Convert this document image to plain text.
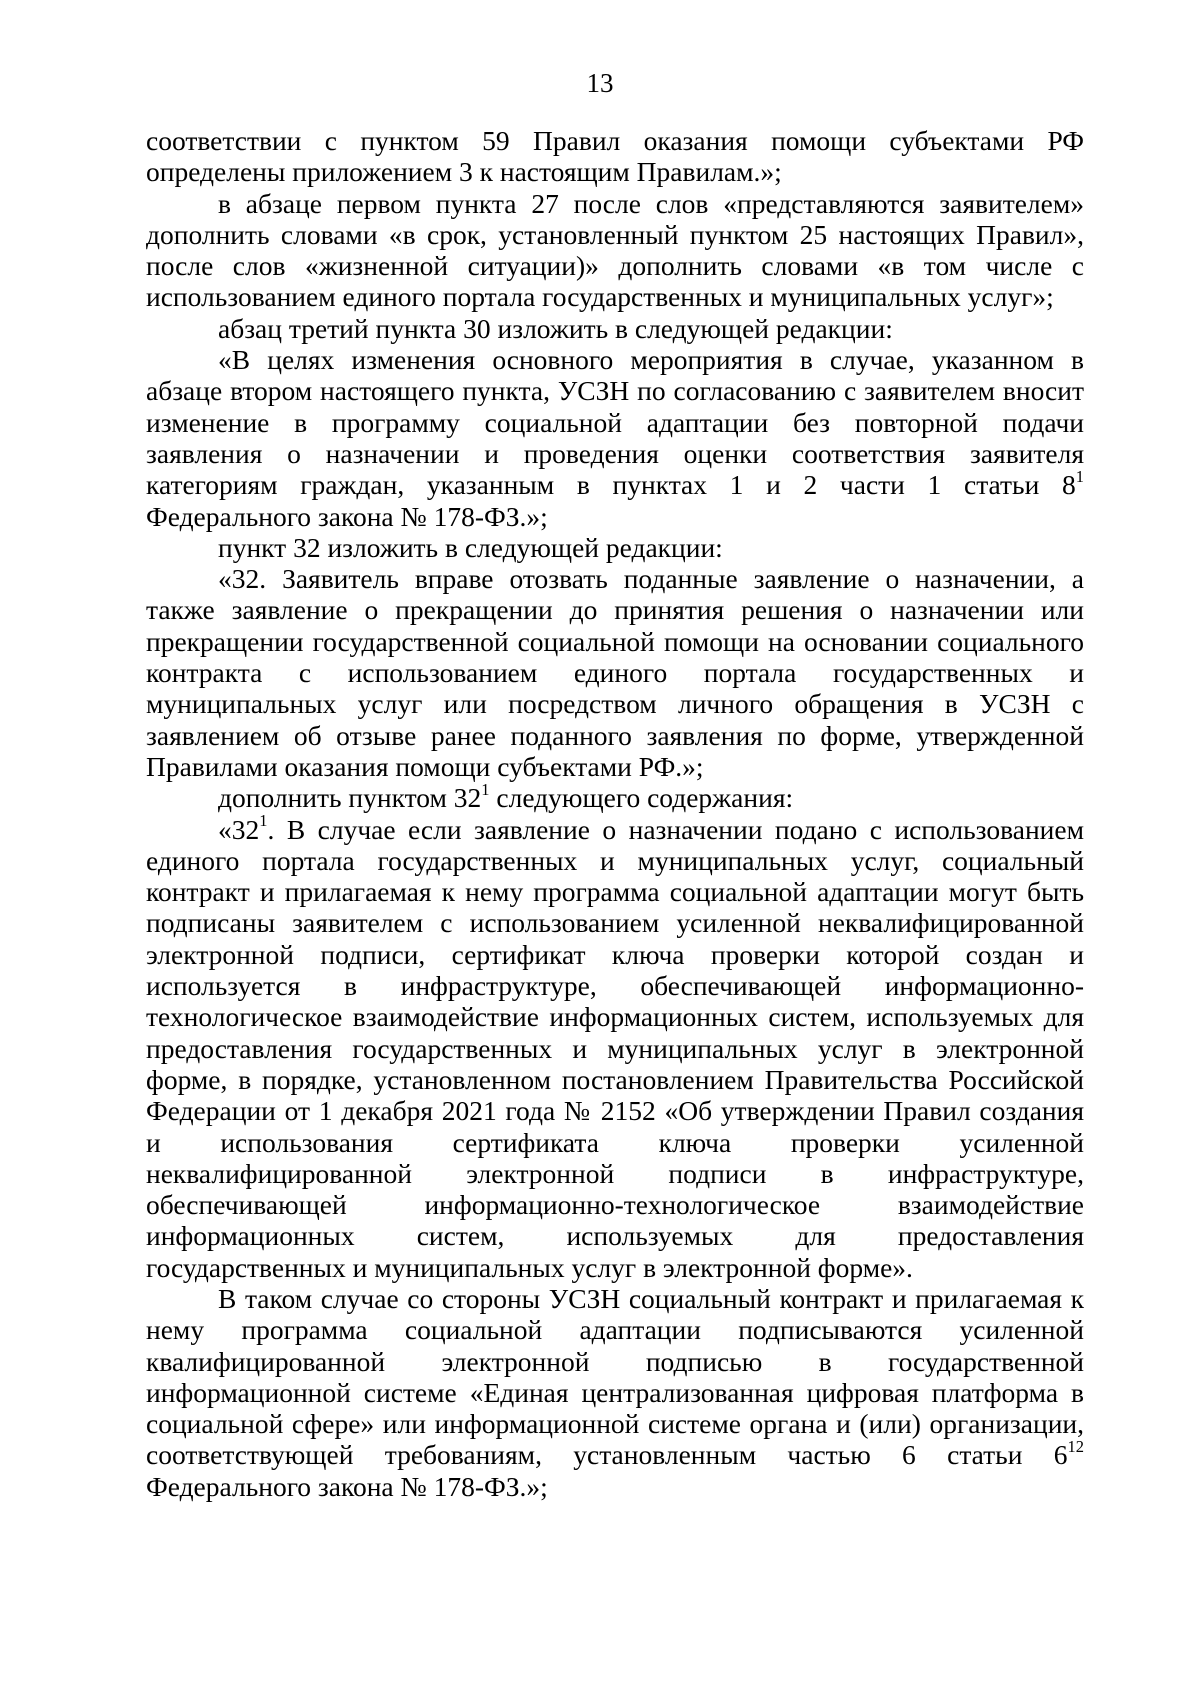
13
соответствии с пунктом 59 Правил оказания помощи субъектами РФ
определены приложением 3 к настоящим Правилам.»;
в абзаце первом пункта 27 после слов «представляются заявителем»
дополнить словами «в срок, установленный пунктом 25 настоящих Правил»,
после слов «жизненной ситуации)» дополнить словами «в том числе с
использованием единого портала государственных и муниципальных услуг»;
абзац третий пункта 30 изложить в следующей редакции:
«В целях изменения основного мероприятия в случае, указанном в
абзаце втором настоящего пункта, УСЗН по согласованию с заявителем вносит
изменение в программу социальной адаптации без повторной подачи
заявления о назначении и проведения оценки соответствия заявителя
категориям граждан, указанным в пунктах 1 и 2 части 1 статьи $8^1$
Федерального закона № 178-ФЗ.»;
пункт 32 изложить в следующей редакции:
«32. Заявитель вправе отозвать поданные заявление о назначении, а
также заявление о прекращении до принятия решения о назначении или
прекращении государственной социальной помощи на основании социального
контракта с использованием единого портала государственных и
муниципальных услуг или посредством личного обращения в УСЗН с
заявлением об отзыве ранее поданного заявления по форме, утвержденной
Правилами оказания помощи субъектами РФ.»;
дополнить пунктом $32^1$ следующего содержания:
«$32^1$. В случае если заявление о назначении подано с использованием
единого портала государственных и муниципальных услуг, социальный
контракт и прилагаемая к нему программа социальной адаптации могут быть
подписаны заявителем с использованием усиленной неквалифицированной
электронной подписи, сертификат ключа проверки которой создан и
используется в инфраструктуре, обеспечивающей информационно-
технологическое взаимодействие информационных систем, используемых для
предоставления государственных и муниципальных услуг в электронной
форме, в порядке, установленном постановлением Правительства Российской
Федерации от 1 декабря 2021 года № 2152 «Об утверждении Правил создания
и использования сертификата ключа проверки усиленной
неквалифицированной электронной подписи в инфраструктуре,
обеспечивающей информационно-технологическое взаимодействие
информационных систем, используемых для предоставления
государственных и муниципальных услуг в электронной форме».
В таком случае со стороны УСЗН социальный контракт и прилагаемая к
нему программа социальной адаптации подписываются усиленной
квалифицированной электронной подписью в государственной
информационной системе «Единая централизованная цифровая платформа в
социальной сфере» или информационной системе органа и (или) организации,
соответствующей требованиям, установленным частью 6 статьи $6^{12}$
Федерального закона № 178-ФЗ.»;
